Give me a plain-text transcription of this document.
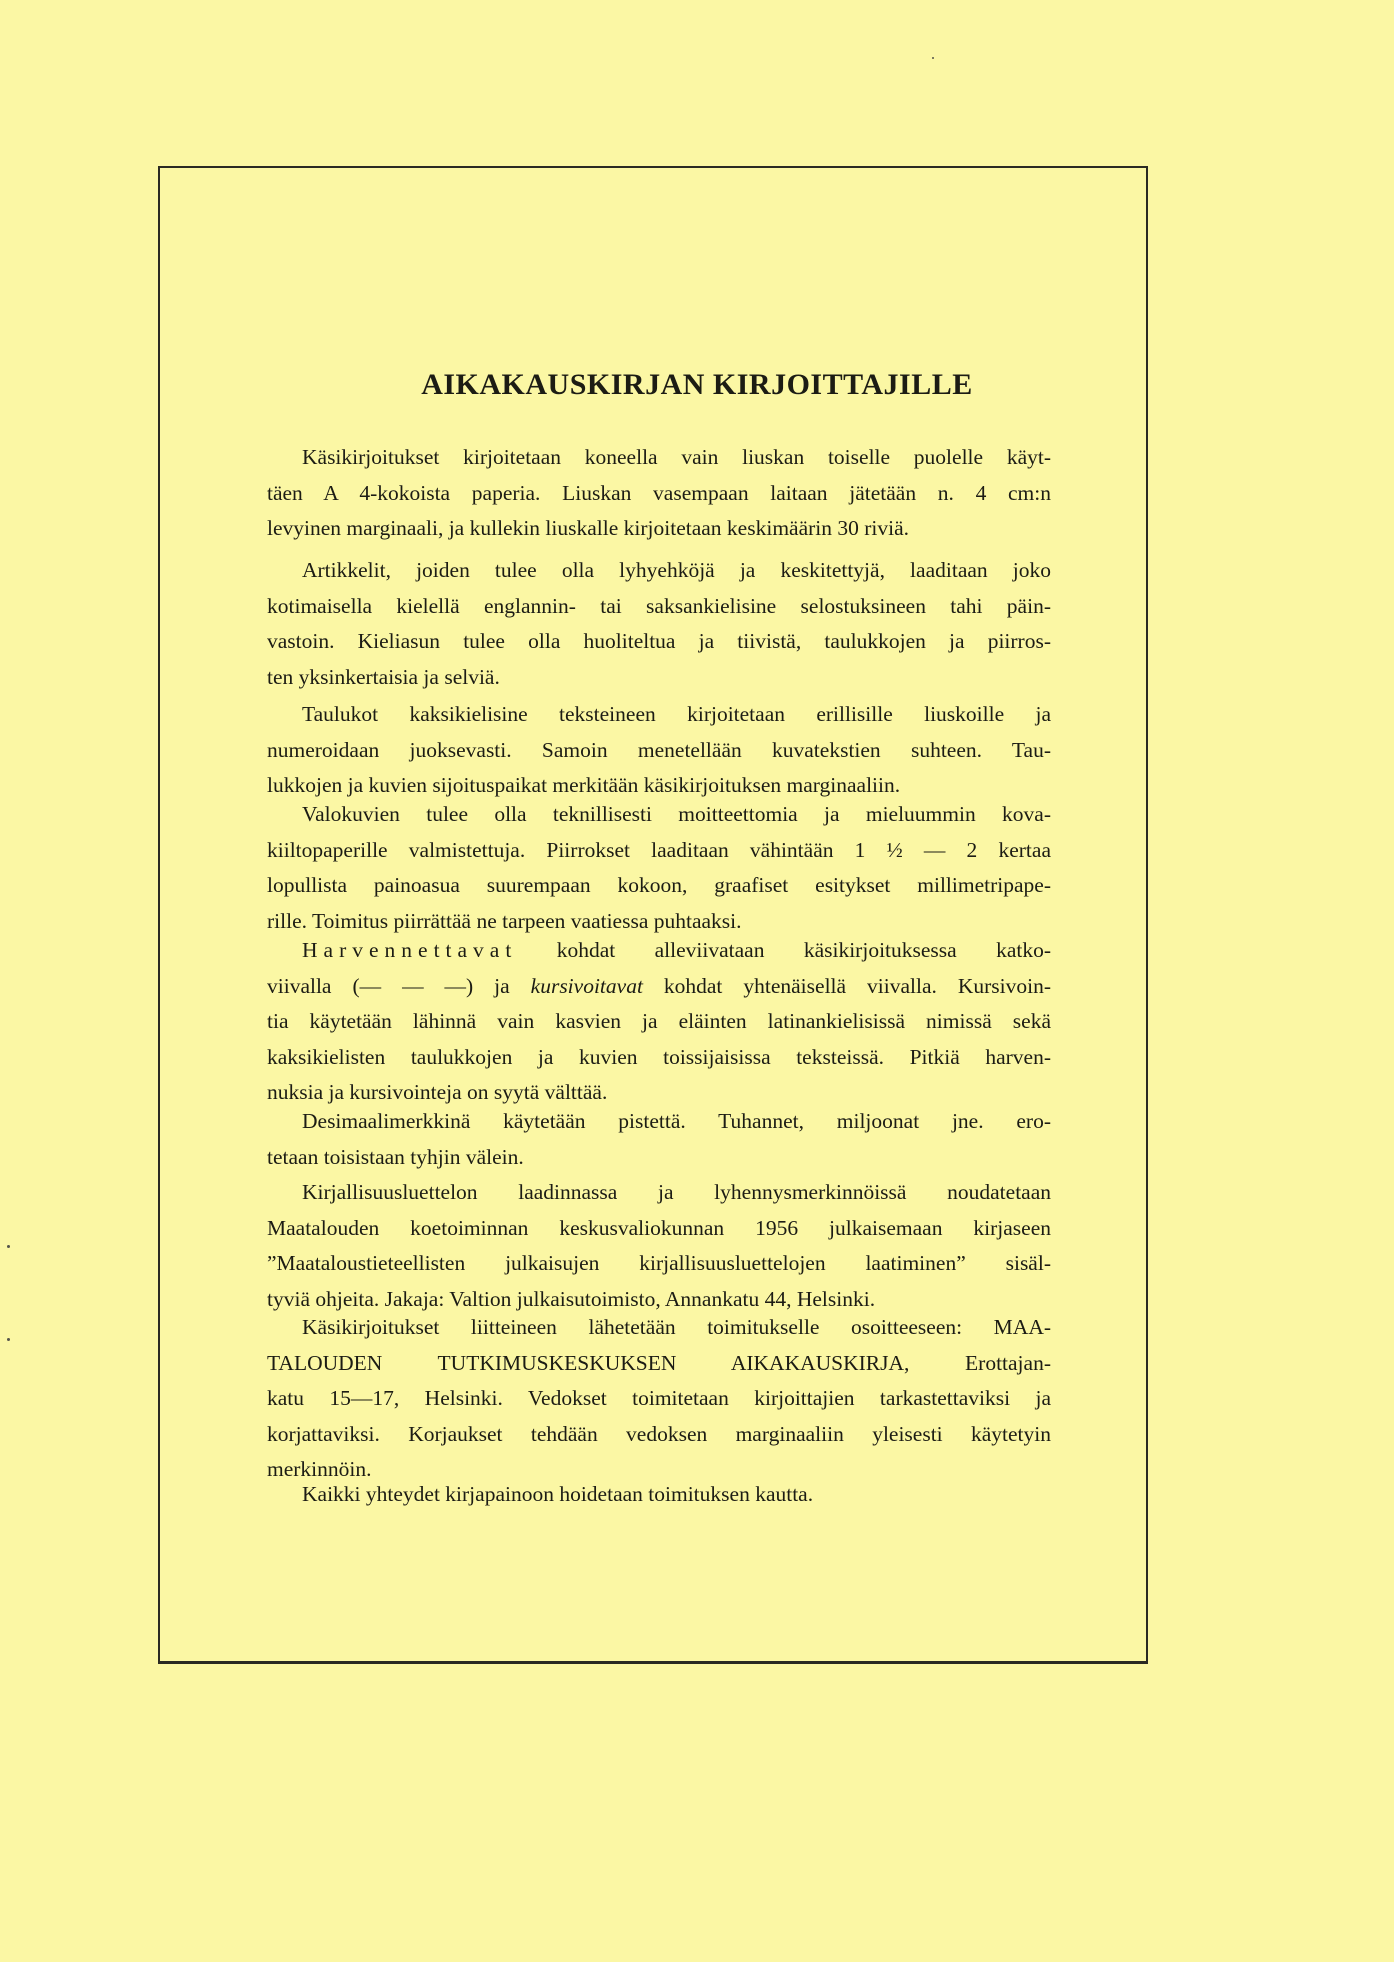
AIKAKAUSKIRJAN KIRJOITTAJILLE

Käsikirjoitukset kirjoitetaan koneella vain liuskan toiselle puolelle käyt-
täen A 4-kokoista paperia. Liuskan vasempaan laitaan jätetään n. 4 cm:n
levyinen marginaali, ja kullekin liuskalle kirjoitetaan keskimäärin 30 riviä.

Artikkelit, joiden tulee olla lyhyehköjä ja keskitettyjä, laaditaan joko
kotimaisella kielellä englannin- tai saksankielisine selostuksineen tahi päin-
vastoin. Kieliasun tulee olla huoliteltua ja tiivistä, taulukkojen ja piirros-
ten yksinkertaisia ja selviä.

Taulukot kaksikielisine teksteineen kirjoitetaan erillisille liuskoille ja
numeroidaan juoksevasti. Samoin menetellään kuvatekstien suhteen. Tau-
lukkojen ja kuvien sijoituspaikat merkitään käsikirjoituksen marginaaliin.

Valokuvien tulee olla teknillisesti moitteettomia ja mieluummin kova-
kiiltopaperille valmistettuja. Piirrokset laaditaan vähintään 1 ½ — 2 kertaa
lopullista painoasua suurempaan kokoon, graafiset esitykset millimetripape-
rille. Toimitus piirrättää ne tarpeen vaatiessa puhtaaksi.

Harvennettavat kohdat alleviivataan käsikirjoituksessa katko-
viivalla (— — —) ja kursivoitavat kohdat yhtenäisellä viivalla. Kursivoin-
tia käytetään lähinnä vain kasvien ja eläinten latinankielisissä nimissä sekä
kaksikielisten taulukkojen ja kuvien toissijaisissa teksteissä. Pitkiä harven-
nuksia ja kursivointeja on syytä välttää.

Desimaalimerkkinä käytetään pistettä. Tuhannet, miljoonat jne. ero-
tetaan toisistaan tyhjin välein.

Kirjallisuusluettelon laadinnassa ja lyhennysmerkinnöissä noudatetaan
Maatalouden koetoiminnan keskusvaliokunnan 1956 julkaisemaan kirjaseen
”Maataloustieteellisten julkaisujen kirjallisuusluettelojen laatiminen” sisäl-
tyviä ohjeita. Jakaja: Valtion julkaisutoimisto, Annankatu 44, Helsinki.

Käsikirjoitukset liitteineen lähetetään toimitukselle osoitteeseen: MAA-
TALOUDEN TUTKIMUSKESKUKSEN AIKAKAUSKIRJA, Erottajan-
katu 15—17, Helsinki. Vedokset toimitetaan kirjoittajien tarkastettaviksi ja
korjattaviksi. Korjaukset tehdään vedoksen marginaaliin yleisesti käytetyin
merkinnöin.

Kaikki yhteydet kirjapainoon hoidetaan toimituksen kautta.
